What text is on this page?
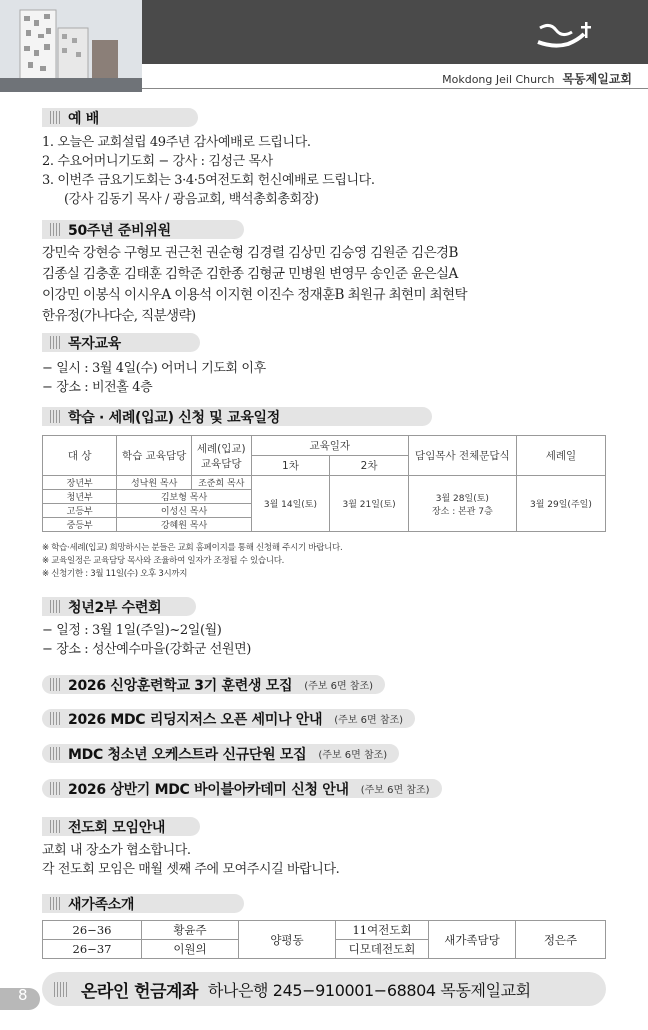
Mokdong Jeil Church 목동제일교회
예 배
1. 오늘은 교회설립 49주년 감사예배로 드립니다.
2. 수요어머니기도회 − 강사 : 김성근 목사
3. 이번주 금요기도회는 3·4·5여전도회 헌신예배로 드립니다.
(강사 김동기 목사 / 광음교회, 백석총회총회장)
50주년 준비위원
강민숙 강현승 구형모 권근천 권순형 김경렬 김상민 김승영 김원준 김은경B
김종실 김충훈 김태훈 김학준 김한종 김형균 민병원 변영무 송인준 윤은실A
이강민 이봉식 이시우A 이용석 이지현 이진수 정재훈B 최원규 최현미 최현탁
한유정(가나다순, 직분생략)
목자교육
− 일시 : 3월 4일(수) 어머니 기도회 이후
− 장소 : 비전홀 4층
학습 · 세례(입교) 신청 및 교육일정
대 상	학습 교육담당	세례(입교) 교육담당	교육일자		담임목사 전체문답식	세례일
			1차	2차		
장년부	성낙원 목사	조준희 목사	3월 14일(토)	3월 21일(토)	3월 28일(토)
장소 : 본관 7층	3월 29일(주일)
청년부	김보형 목사					
고등부	이성신 목사					
중등부	강혜원 목사					
※ 학습·세례(입교) 희망하시는 분들은 교회 홈페이지를 통해 신청해 주시기 바랍니다.
※ 교육일정은 교육담당 목사와 조율하여 일자가 조정될 수 있습니다.
※ 신청기한 : 3월 11일(수) 오후 3시까지
청년2부 수련회
− 일정 : 3월 1일(주일)~2일(월)
− 장소 : 성산예수마을(강화군 선원면)
2026 신앙훈련학교 3기 훈련생 모집	(주보 6면 참조)
2026 MDC 리딩지저스 오픈 세미나 안내	(주보 6면 참조)
MDC 청소년 오케스트라 신규단원 모집	(주보 6면 참조)
2026 상반기 MDC 바이블아카데미 신청 안내	(주보 6면 참조)
전도회 모임안내
교회 내 장소가 협소합니다.
각 전도회 모임은 매월 셋째 주에 모여주시길 바랍니다.
새가족소개
26−36	황윤주	양평동	11여전도회	새가족담당	정은주
26−37	이원의		디모데전도회		
8	온라인 헌금계좌 하나은행 245−910001−68804 목동제일교회
